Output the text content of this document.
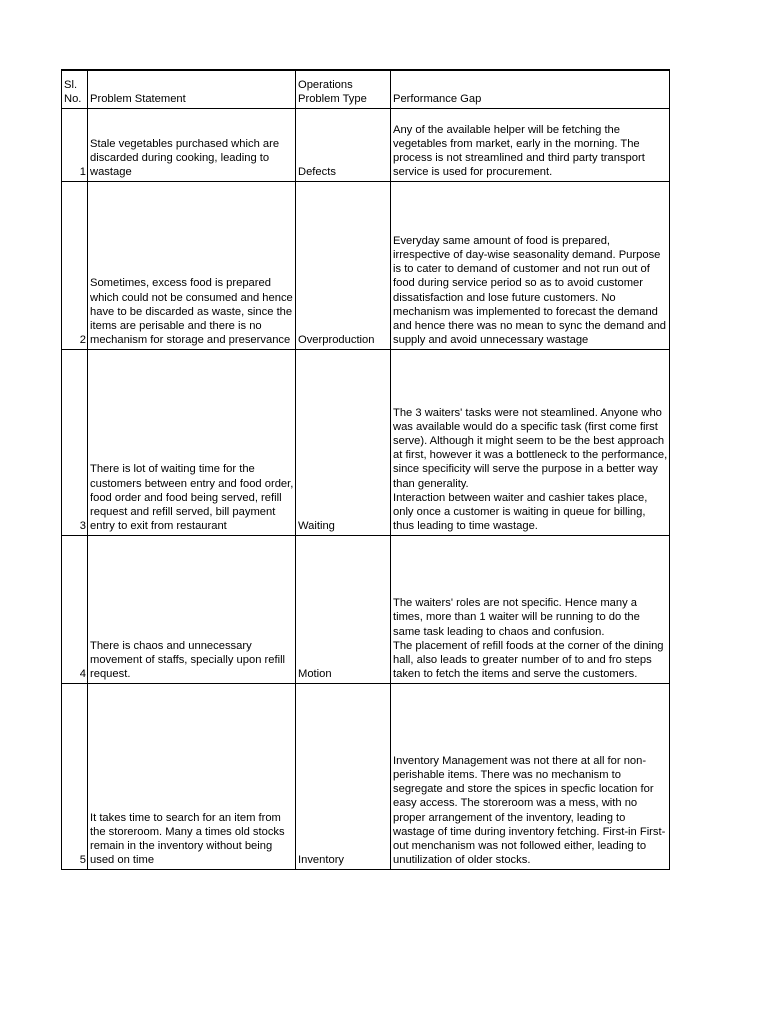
Sl. No.	Problem Statement	Operations Problem Type	Performance Gap
1	Stale vegetables purchased which are discarded during cooking, leading to wastage	Defects	Any of the available helper will be fetching the vegetables from market, early in the morning. The process is not streamlined and third party transport service is used for procurement.
2	Sometimes, excess food is prepared which could not be consumed and hence have to be discarded as waste, since the items are perisable and there is no mechanism for storage and preservance	Overproduction	Everyday same amount of food is prepared, irrespective of day-wise seasonality demand. Purpose is to cater to demand of customer and not run out of food during service period so as to avoid customer dissatisfaction and lose future customers. No mechanism was implemented to forecast the demand and hence there was no mean to sync the demand and supply and avoid unnecessary wastage
3	There is lot of waiting time for the customers between entry and food order, food order and food being served, refill request and refill served, bill payment entry to exit from restaurant	Waiting	The 3 waiters' tasks were not steamlined. Anyone who was available would do a specific task (first come first serve). Although it might seem to be the best approach at first, however it was a bottleneck to the performance, since specificity will serve the purpose in a better way than generality.
Interaction between waiter and cashier takes place, only once a customer is waiting in queue for billing, thus leading to time wastage.
4	There is chaos and unnecessary movement of staffs, specially upon refill request.	Motion	The waiters' roles are not specific. Hence many a times, more than 1 waiter will be running to do the same task leading to chaos and confusion.
The placement of refill foods at the corner of the dining hall, also leads to greater number of to and fro steps taken to fetch the items and serve the customers.
5	It takes time to search for an item from the storeroom. Many a times old stocks remain in the inventory without being used on time	Inventory	Inventory Management was not there at all for non-perishable items. There was no mechanism to segregate and store the spices in specfic location for easy access. The storeroom was a mess, with no proper arrangement of the inventory, leading to wastage of time during inventory fetching. First-in First-out menchanism was not followed either, leading to unutilization of older stocks.
